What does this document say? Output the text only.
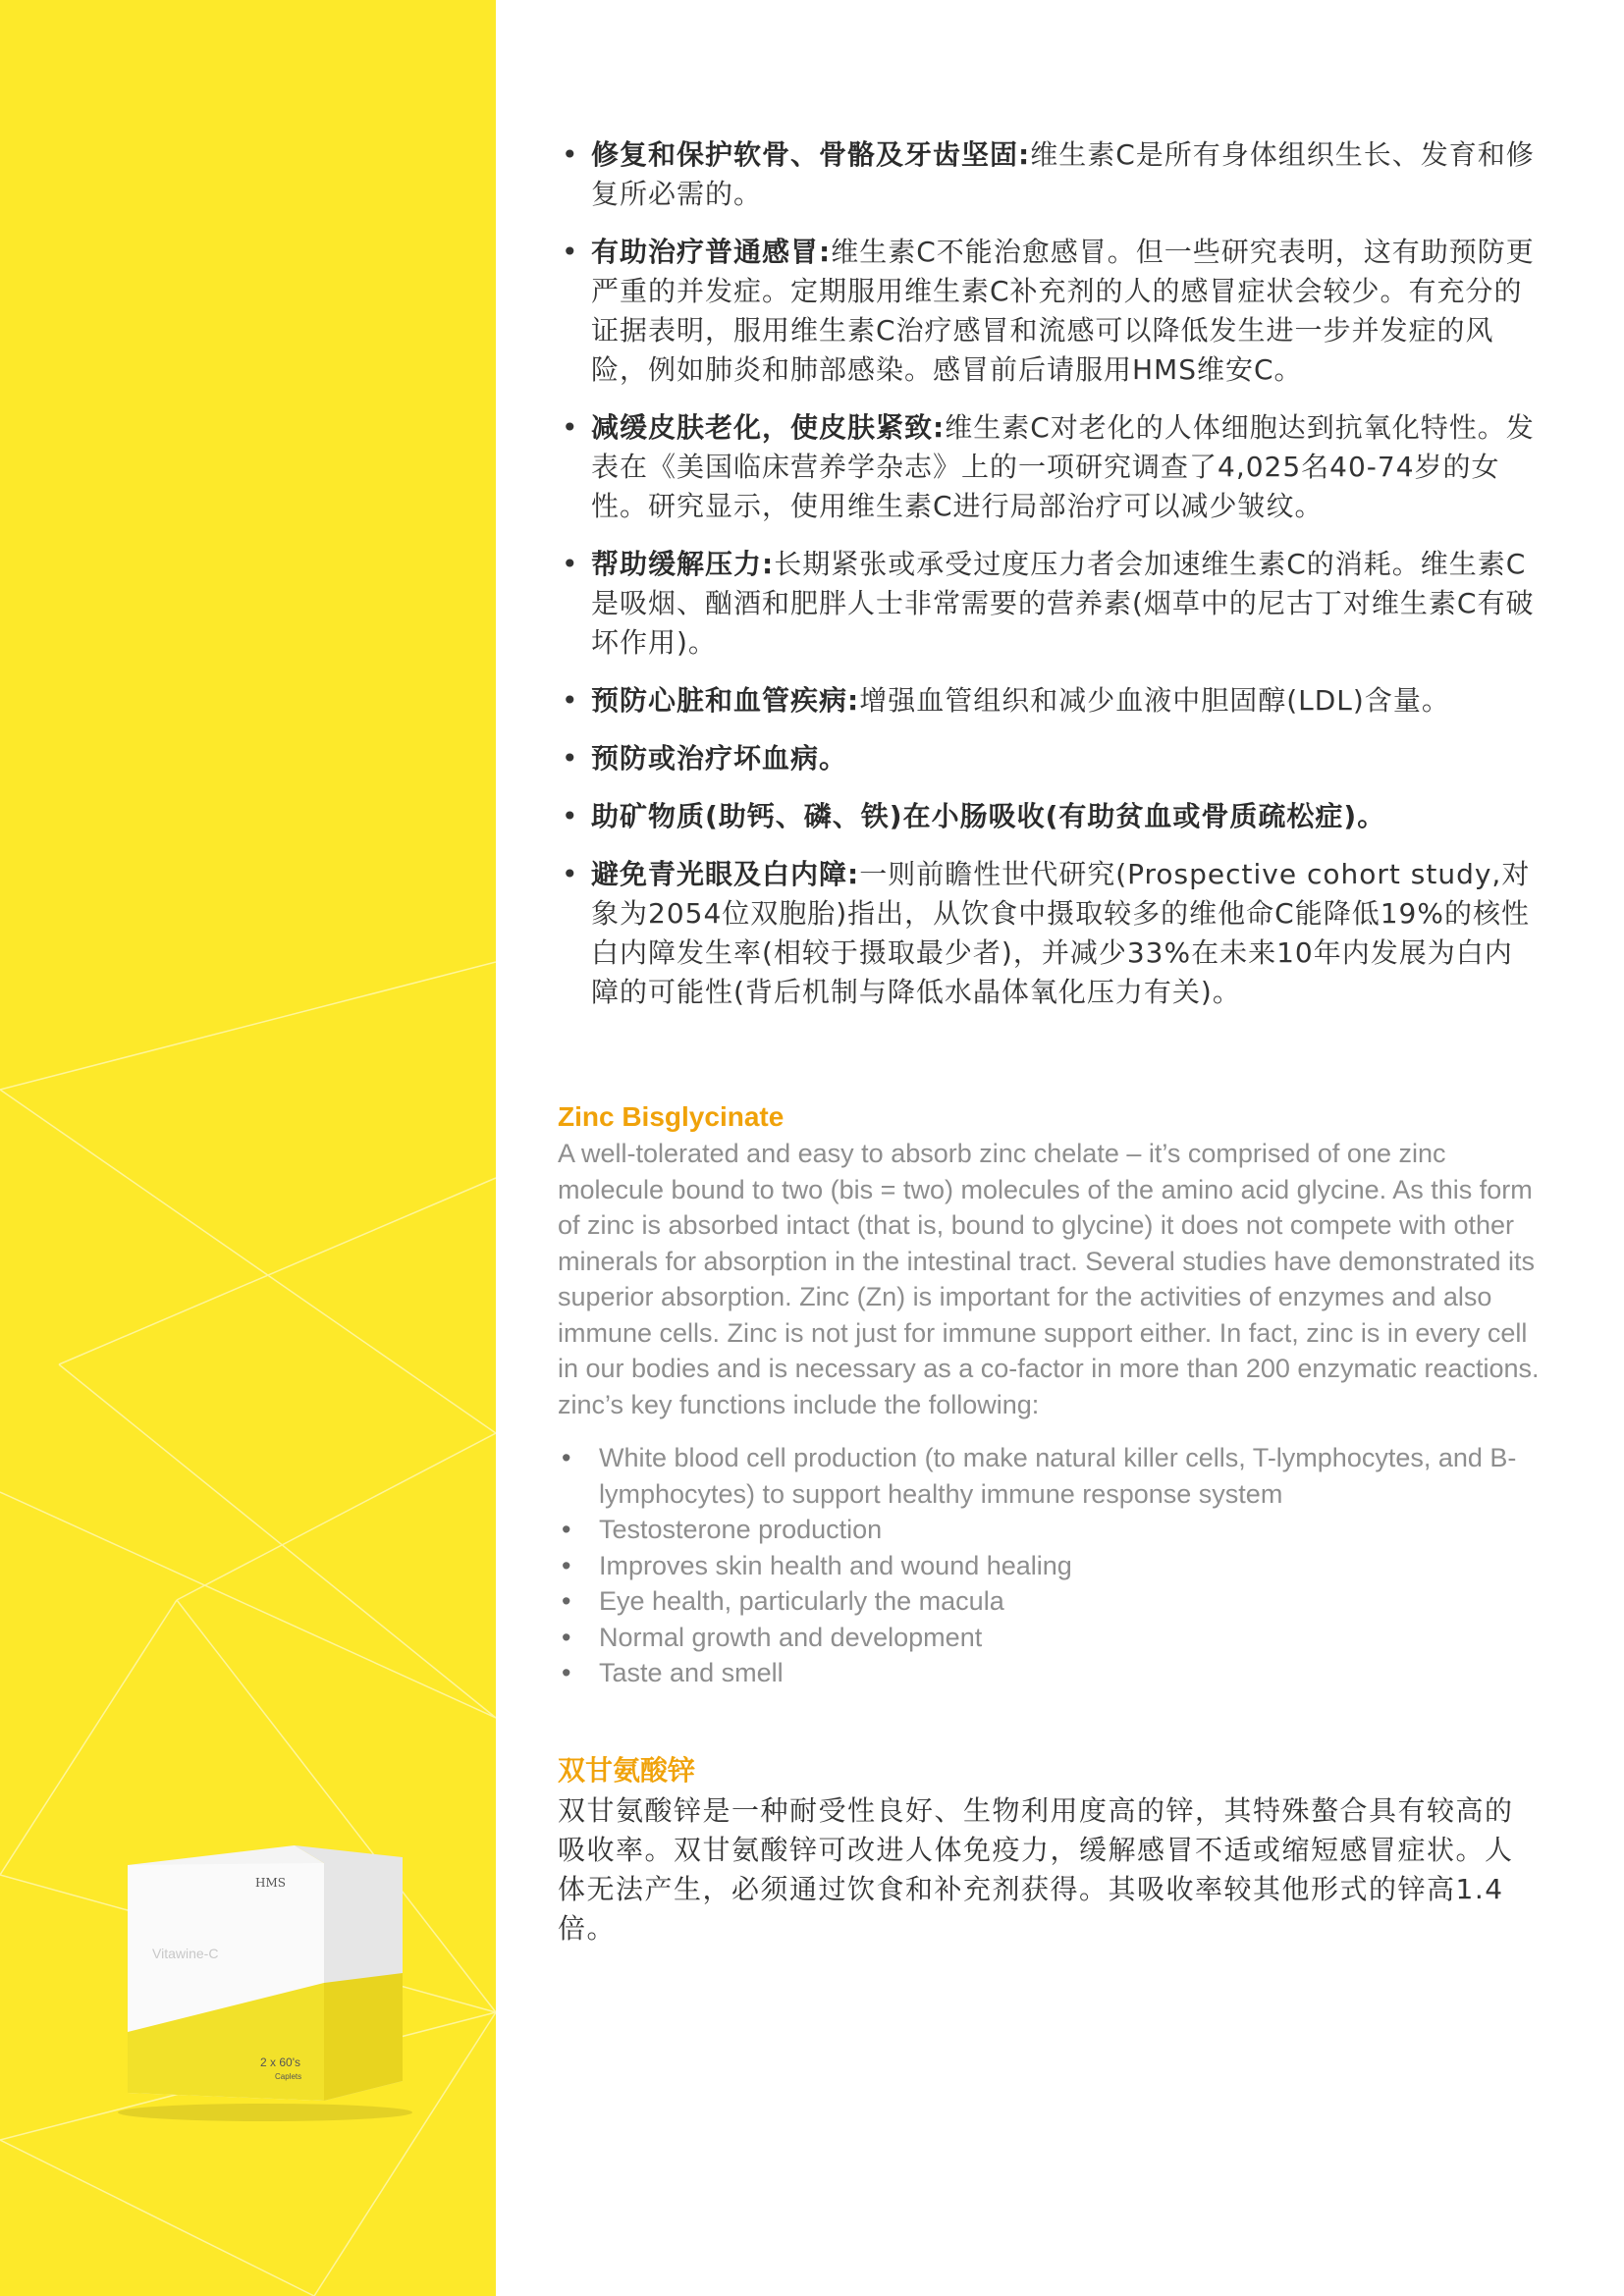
HMS
Vitawine-C
2 x 60's
Caplets
• 修复和保护软骨、骨骼及牙齿坚固:维生素C是所有身体组织生长、发育和修复所必需的。
• 有助治疗普通感冒:维生素C不能治愈感冒。但一些研究表明，这有助预防更严重的并发症。定期服用维生素C补充剂的人的感冒症状会较少。有充分的证据表明，服用维生素C治疗感冒和流感可以降低发生进一步并发症的风险，例如肺炎和肺部感染。感冒前后请服用HMS维安C。
• 减缓皮肤老化，使皮肤紧致:维生素C对老化的人体细胞达到抗氧化特性。发表在《美国临床营养学杂志》上的一项研究调查了4,025名40-74岁的女性。研究显示，使用维生素C进行局部治疗可以减少皱纹。
• 帮助缓解压力:长期紧张或承受过度压力者会加速维生素C的消耗。维生素C是吸烟、酗酒和肥胖人士非常需要的营养素(烟草中的尼古丁对维生素C有破坏作用)。
• 预防心脏和血管疾病:增强血管组织和减少血液中胆固醇(LDL)含量。
• 预防或治疗坏血病。
• 助矿物质(助钙、磷、铁)在小肠吸收(有助贫血或骨质疏松症)。
• 避免青光眼及白内障:一则前瞻性世代研究(Prospective cohort study,对象为2054位双胞胎)指出，从饮食中摄取较多的维他命C能降低19%的核性白内障发生率(相较于摄取最少者)，并减少33%在未来10年内发展为白内障的可能性(背后机制与降低水晶体氧化压力有关)。
Zinc Bisglycinate

A well-tolerated and easy to absorb zinc chelate – it’s comprised of one zinc molecule bound to two (bis = two) molecules of the amino acid glycine. As this form of zinc is absorbed intact (that is, bound to glycine) it does not compete with other minerals for absorption in the intestinal tract. Several studies have demonstrated its superior absorption. Zinc (Zn) is important for the activities of enzymes and also immune cells. Zinc is not just for immune support either. In fact, zinc is in every cell in our bodies and is necessary as a co-factor in more than 200 enzymatic reactions.

zinc’s key functions include the following:

• White blood cell production (to make natural killer cells, T-lymphocytes, and B-lymphocytes) to support healthy immune response system
• Testosterone production
• Improves skin health and wound healing
• Eye health, particularly the macula
• Normal growth and development
• Taste and smell
双甘氨酸锌

双甘氨酸锌是一种耐受性良好、生物利用度高的锌，其特殊螯合具有较高的吸收率。双甘氨酸锌可改进人体免疫力，缓解感冒不适或缩短感冒症状。人体无法产生，必须通过饮食和补充剂获得。其吸收率较其他形式的锌高1.4倍。
